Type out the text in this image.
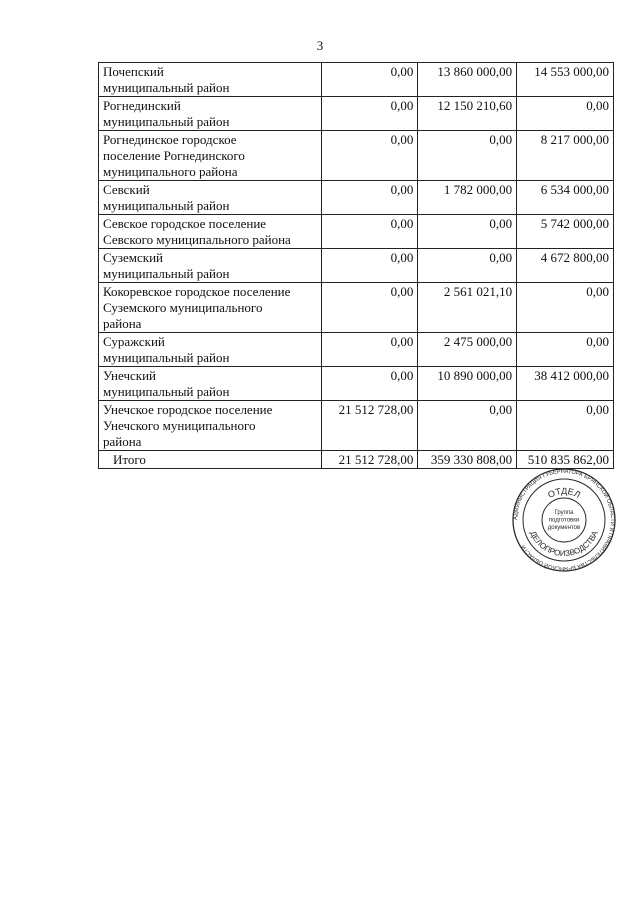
3
Почепский
муниципальный район	0,00	13 860 000,00	14 553 000,00
Рогнединский
муниципальный район	0,00	12 150 210,60	0,00
Рогнединское городское
поселение Рогнединского
муниципального района	0,00	0,00	8 217 000,00
Севский
муниципальный район	0,00	1 782 000,00	6 534 000,00
Севское городское поселение
Севского муниципального района	0,00	0,00	5 742 000,00
Суземский
муниципальный район	0,00	0,00	4 672 800,00
Кокоревское городское поселение
Суземского муниципального
района	0,00	2 561 021,10	0,00
Суражский
муниципальный район	0,00	2 475 000,00	0,00
Унечский
муниципальный район	0,00	10 890 000,00	38 412 000,00
Унечское городское поселение
Унечского муниципального
района	21 512 728,00	0,00	0,00
Итого	21 512 728,00	359 330 808,00	510 835 862,00
АДМИНИСТРАЦИЯ ГУБЕРНАТОРА БРЯНСКОЙ ОБЛАСТИ И ПРАВИТЕЛЬСТВА БРЯНСКОЙ ОБЛАСТИ
ОТДЕЛ
ДЕЛОПРОИЗВОДСТВА
Группа
подготовки
документов
